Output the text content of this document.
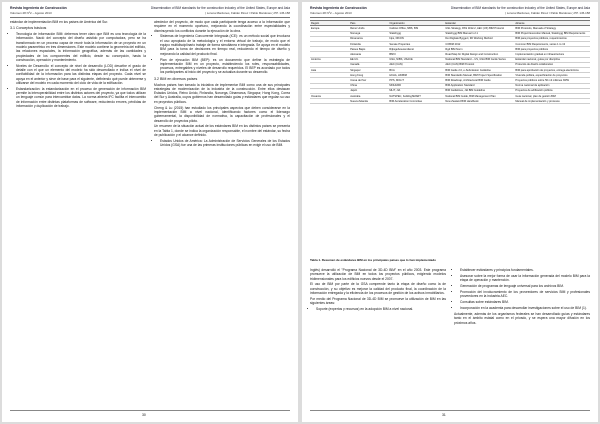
Revista Ingeniería de Construcción
Volumen 28 Nº2 – Agosto 2013
Dissemination of BIM standards for the construction industry of the United States, Europe and Asia
( Lorena Mardones, Fabián Pérez / Pablo Mardones ) PP. 145-158

estándar de implementación BIM en los países de América del Sur.

3.1 Conceptos básicos
• Tecnología de información BIM: debemos tener claro que BIM es una tecnología de la información. Nació del concepto del diseño asistido por computadora, pero se ha transformado en un proceso capaz de reunir toda la información de un proyecto en un modelo paramétrico en tres dimensiones. Este modelo contiene la geometría del edificio, las relaciones espaciales, la información geográfica, además de las cantidades y propiedades de los componentes del edificio, desde su concepción, hasta la construcción, operación y mantenimiento.
• Niveles de Desarrollo: el concepto de nivel de desarrollo (LOD) describe el grado de detalle con el que un elemento del modelo ha sido desarrollado e indica el nivel de confiabilidad de la información para las distintas etapas del proyecto. Cada nivel se apoya en el anterior y sirve de base para el siguiente, definiendo qué puede obtenerse y utilizarse del modelo en cada momento del ciclo de vida de la edificación.
• Estandarización: la estandarización en el proceso de generación de información BIM permite la interoperabilidad entre los distintos actores del proyecto, ya que todos utilizan un lenguaje común para intercambiar datos. La norma abierta IFC facilita el intercambio de información entre distintas plataformas de software, reduciendo errores, pérdidas de información y duplicación de trabajo.

alrededor del proyecto, de modo que cada participante tenga acceso a la información que requiere en el momento oportuno, mejorando la coordinación entre especialidades y disminuyendo los conflictos durante la ejecución de la obra.

• Sistemas de Ingeniería Concurrente Integrada (ICE): es un método social que involucra el uso apropiado de la metodología y el entorno virtual de trabajo, de modo que el equipo multidisciplinario trabaje de forma simultánea e integrada. Se apoya en el modelo BIM para la toma de decisiones en tiempo real, reduciendo el tiempo de diseño y mejorando la calidad del producto final.
• Plan de ejecución BIM (BEP): es un documento que define la estrategia de implementación BIM en un proyecto, estableciendo los roles, responsabilidades, procesos, entregables y niveles de desarrollo requeridos. El BEP es acordado por todos los participantes al inicio del proyecto y se actualiza durante su desarrollo.
3.2 BIM en diversos países

Muchos países han tomado la iniciativa de implementar BIM como una de sus principales estrategias de modernización de la industria de la construcción. Entre ellos destacan Estados Unidos, Reino Unido, Finlandia, Noruega, Dinamarca, Singapur, Hong Kong, Corea del Sur y Australia, cuyos gobiernos han desarrollado guías y estándares que regulan su uso en proyectos públicos.

Cheng & Lu (2015) han estudiado los principales aspectos que deben considerarse en la implementación BIM a nivel nacional, identificando factores como el liderazgo gubernamental, la disponibilidad de normativa, la capacitación de profesionales y el desarrollo de proyectos piloto.

Un resumen de la situación actual de los estándares BIM en los distintos países se presenta en la Tabla 1, donde se indica la organización responsable, el nombre del estándar, su fecha de publicación y el alcance definido.

• Estados Unidos de América: La Administración de Servicios Generales de los Estados Unidos (GSA) fue una de las primeras instituciones públicas en exigir el uso de BIM.
30
Revista Ingeniería de Construcción
Volumen 28 Nº2 – Agosto 2013
Dissemination of BIM standards for the construction industry of the United States, Europe and Asia
( Lorena Mardones, Fabián Pérez / Pablo Mardones ) PP. 145-158
Región	País	Organización	Estándar	Alcance
Europa	Reino Unido	Cabinet Office, NBS, BSI	GSL Strategy, PAS 1192-2, AEC (UK) BIM Protocol	BIM Protocols, Manuals of Strategy
	Noruega	Statsbygg	Statsbygg BIM Manual 1.2.1	BIM Project Execution Manual, Statsbygg BIM Requirements
	Dinamarca	bips, DIKON	Det Digitale Byggeri, 3D Working Method	BIM para proyectos públicos, requerimientos
	Finlandia	Senate Properties	COBIM 2012	Common BIM Requirements, series 1 to 13
	Países Bajos	Rijksgebouwendienst	Rgd BIM Norm	BIM para proyectos públicos
	Alemania	BMVI	Road Map for Digital Design and Construction	Implementación gradual en infraestructura
América	EE.UU.	GSA, NIBS, USACE	National BIM Standard – US, GSA BIM Guide Series	Estándar nacional, guías por disciplina
	Canadá	AEC (CAN)	AEC (CAN) BIM Protocol	Protocolo de diseño colaborativo
Asia	Singapur	BCA	BIM Guide 2.0, e-Submission Guideline	BIM para aprobación de proyectos, entrega electrónica
	Hong Kong	HKHA, HKIBIM	BIM Standards Manual, BIM Project Specification	Vivienda pública, especificación de proyectos
	Corea del Sur	PPS, MOLIT	BIM Roadmap, Architectural BIM Guide	Proyectos públicos sobre 50 mil millones KRW
	China	MOHURD	BIM Application Standard	Norma nacional de aplicación
	Japón	MLIT, JIA	BIM Guidelines, JIA BIM Guideline	Proyectos de edificación pública
Oceanía	Australia	NATSPEC, buildingSMART	National BIM Guide, BIM Management Plan	Guía nacional, plan de gestión BIM
	Nueva Zelanda	BIM Acceleration Committee	New Zealand BIM Handbook	Manual de implementación y procesos
Tabla 1. Resumen de estándares BIM en los principales países que lo han implementado

Inglés) desarrolló el "Programa Nacional de 3D-4D BIM" en el año 2003. Este programa promueve la utilización de BIM en todos los proyectos públicos, exigiendo modelos tridimensionales para los edificios nuevos desde el 2007.

El uso de BIM por parte de la GSA comprende tanto la etapa de diseño como la de construcción, y su objetivo es mejorar la calidad del producto final, la coordinación de la información entregada y la eficiencia de los procesos de gestión de los activos inmobiliarios.

Por medio del Programa Nacional de 3D-4D BIM se promueve la utilización de BIM en las siguientes áreas:

• Soporte (expertos y recursos) en la adopción BIM a nivel nacional.
• Establecer estándares y principios fundamentales.
• Asesorar sobre la mejor forma de usar la información generada del modelo BIM para la etapa de operación y mantención.
• Generación de programas de lenguaje universal para los archivos BIM.
• Promoción del involucramiento de los proveedores de servicios BIM y profesionales proveedores en la industria AEC.
• Consultas sobre estándares BIM.
• Incorporación en la academia para desarrollar investigaciones sobre el uso de BIM (1).

Actualmente, además de los organismos federales se han desarrollado guías y estándares tanto en el ámbito estatal como en el privado, y se espera una mayor difusión en los próximos años.

31
